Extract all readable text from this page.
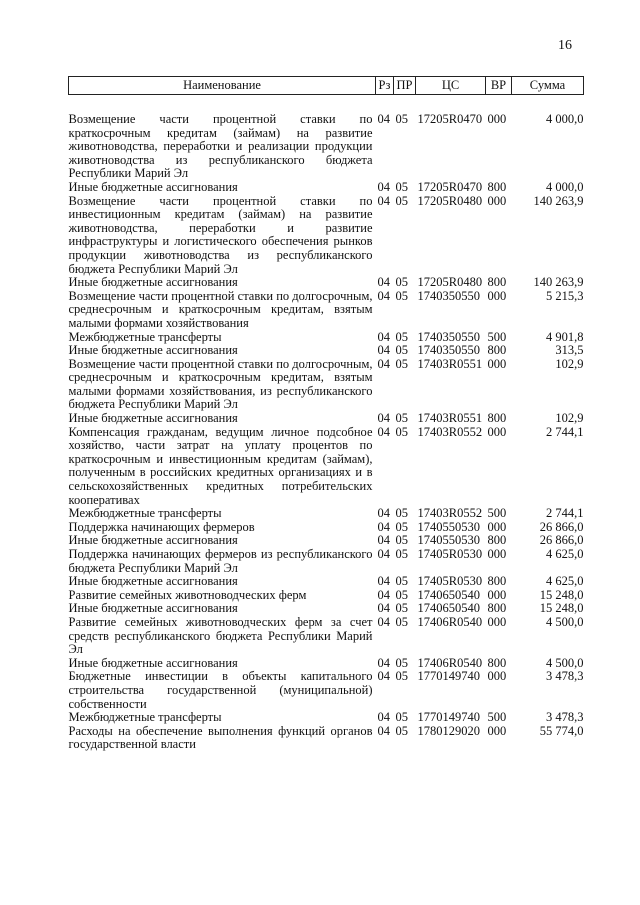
16
Наименование	Рз	ПР	ЦС	ВР	Сумма
Возмещение части процентной ставки по краткосрочным кредитам (займам) на развитие животноводства, переработки и реализации продукции животноводства из республиканского бюджета Республики Марий Эл	04	05	17205R0470	000	4 000,0
Иные бюджетные ассигнования	04	05	17205R0470	800	4 000,0
Возмещение части процентной ставки по инвестиционным кредитам (займам) на развитие животноводства, переработки и развитие инфраструктуры и логистического обеспечения рынков продукции животноводства из республиканского бюджета Республики Марий Эл	04	05	17205R0480	000	140 263,9
Иные бюджетные ассигнования	04	05	17205R0480	800	140 263,9
Возмещение части процентной ставки по долгосрочным, среднесрочным и краткосрочным кредитам, взятым малыми формами хозяйствования	04	05	1740350550	000	5 215,3
Межбюджетные трансферты	04	05	1740350550	500	4 901,8
Иные бюджетные ассигнования	04	05	1740350550	800	313,5
Возмещение части процентной ставки по долгосрочным, среднесрочным и краткосрочным кредитам, взятым малыми формами хозяйствования, из республиканского бюджета Республики Марий Эл	04	05	17403R0551	000	102,9
Иные бюджетные ассигнования	04	05	17403R0551	800	102,9
Компенсация гражданам, ведущим личное подсобное хозяйство, части затрат на уплату процентов по краткосрочным и инвестиционным кредитам (займам), полученным в российских кредитных организациях и в сельскохозяйственных кредитных потребительских кооперативах	04	05	17403R0552	000	2 744,1
Межбюджетные трансферты	04	05	17403R0552	500	2 744,1
Поддержка начинающих фермеров	04	05	1740550530	000	26 866,0
Иные бюджетные ассигнования	04	05	1740550530	800	26 866,0
Поддержка начинающих фермеров из республиканского бюджета Республики Марий Эл	04	05	17405R0530	000	4 625,0
Иные бюджетные ассигнования	04	05	17405R0530	800	4 625,0
Развитие семейных животноводческих ферм	04	05	1740650540	000	15 248,0
Иные бюджетные ассигнования	04	05	1740650540	800	15 248,0
Развитие семейных животноводческих ферм за счет средств республиканского бюджета Республики Марий Эл	04	05	17406R0540	000	4 500,0
Иные бюджетные ассигнования	04	05	17406R0540	800	4 500,0
Бюджетные инвестиции в объекты капитального строительства государственной (муниципальной) собственности	04	05	1770149740	000	3 478,3
Межбюджетные трансферты	04	05	1770149740	500	3 478,3
Расходы на обеспечение выполнения функций органов государственной власти	04	05	1780129020	000	55 774,0
